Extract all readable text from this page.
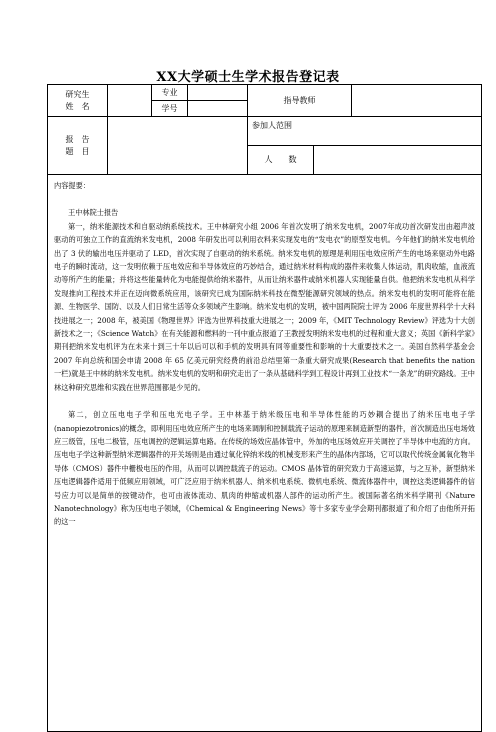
XX大学硕士生学术报告登记表
研究生
姓　名		专业		指导教师		
		学号				

报　告
题　目				参加人范围		
				人　　数		

内容提要：

王中林院士报告

第一，纳米能源技术和自驱动纳系统技术。王中林研究小组 2006 年首次发明了纳米发电机，2007年成功首次研发出由超声波驱动的可独立工作的直流纳米发电机，2008 年研发出可以利用衣料来实现发电的“发电衣”的原型发电机。今年他们的纳米发电机给出了 3 伏的输出电压并驱动了 LED，首次实现了自驱动的纳米系统。纳米发电机的原理是利用压电效应所产生的电场来驱动外电路电子的瞬时流动，这一发明依赖于压电效应和半导体效应的巧妙结合，通过纳米材料构成的器件来收集人体运动，肌肉收缩，血液流动等所产生的能量；并将这些能量转化为电能提供给纳米器件，从而让纳米器件或纳米机器人实现能量自供。他把纳米发电机从科学发现推向工程技术并正在迈向微系统应用，该研究已成为国际纳米科技在微型能源研究领域的热点。纳米发电机的发明可能将在能源、生物医学、国防、以及人们日常生活等众多领域产生影响。纳米发电机的发明，被中国两院院士评为 2006 年度世界科学十大科技进展之一；2008 年，被美国《物理世界》评选为世界科技重大进展之一；2009 年，《MIT Technology Review》评选为十大创新技术之一；《Science Watch》在有关能源和燃料的一刊中重点报道了王教授发明纳米发电机的过程和重大意义；英国《新科学家》期刊把纳米发电机评为在未来十到三十年以后可以和手机的发明具有同等重要性和影响的十大重要技术之一。美国自然科学基金会 2007 年向总统和国会申请 2008 年 65 亿美元研究经费的前沿总结里第一条重大研究成果(Research that benefits the nation 一栏)就是王中林的纳米发电机。纳米发电机的发明和研究走出了一条从基础科学到工程设计再到工业技术“一条龙”的研究路线。王中林这种研究思维和实践在世界范围都是少见的。

第二，创立压电电子学和压电光电子学。王中林基于纳米级压电和半导体性能的巧妙耦合提出了纳米压电电子学(nanopiezotronics)的概念，即利用压电效应所产生的电场来调制和控制载流子运动的原理来制造新型的器件，首次制造出压电场效应三级管，压电二极管，压电调控的逻辑运算电路。在传统的场效应晶体管中，外加的电压场效应开关调控了半导体中电流的方向。压电电子学这种新型纳米逻辑器件的开关场则是由通过氧化锌纳米线的机械变形来产生的晶体内部场，它可以取代传统金属氧化物半导体（CMOS）器件中栅极电压的作用，从而可以调控载流子的运动。CMOS 晶体管的研究致力于高速运算，与之互补，新型纳米压电逻辑器件适用于低频应用领域，可广泛应用于纳米机器人、纳米机电系统、微机电系统、微流体器件中，调控这类逻辑器件的信号应力可以是简单的按键动作，也可由液体流动、肌肉的伸缩或机器人部件的运动所产生。被国际著名纳米科学期刊《Nature Nanotechnology》称为压电电子领域，《Chemical & Engineering News》等十多家专业学会期刊都报道了和介绍了由他所开拓的这一						
